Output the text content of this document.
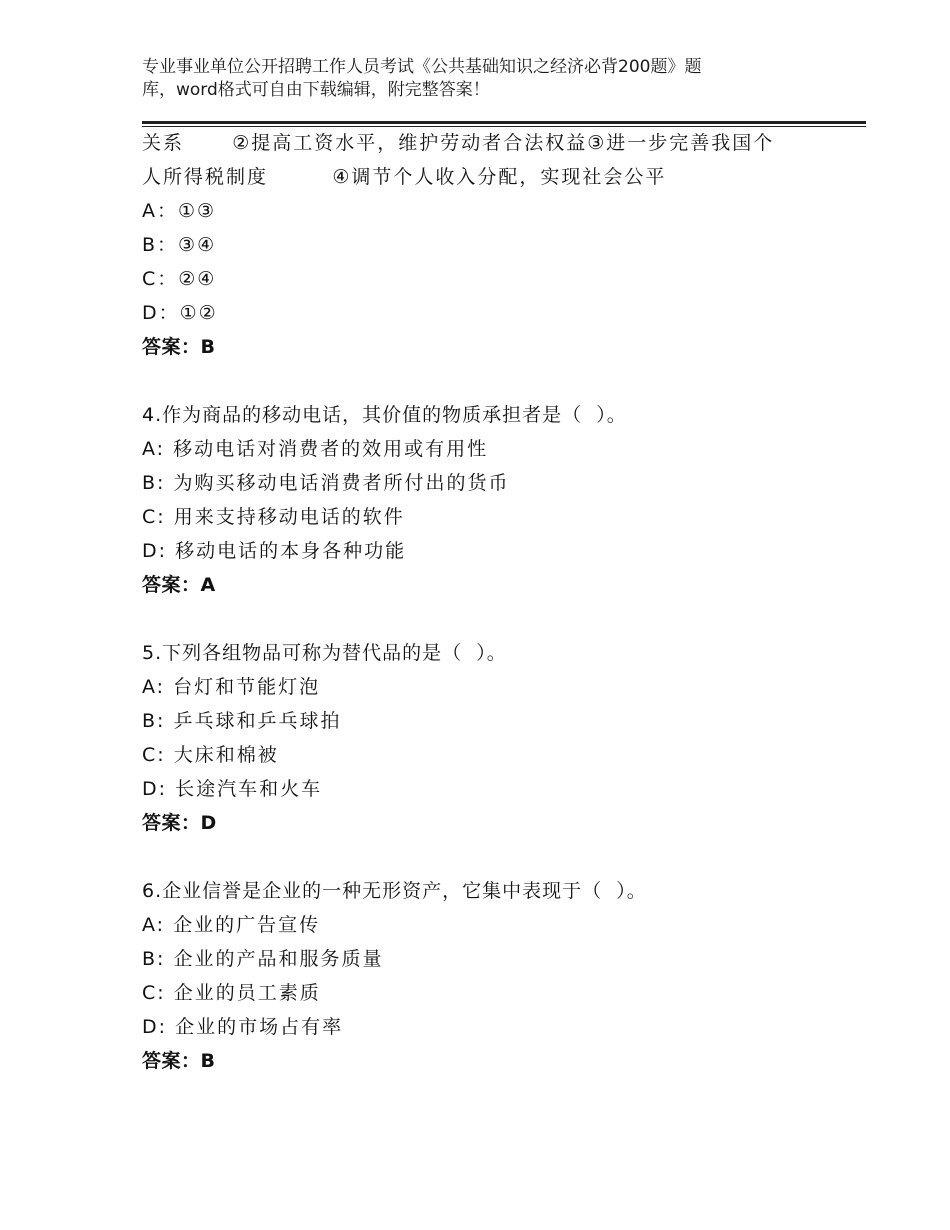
专业事业单位公开招聘工作人员考试《公共基础知识之经济必背200题》题
库，word格式可自由下载编辑，附完整答案！
关系      ②提高工资水平，维护劳动者合法权益③进一步完善我国个
人所得税制度        ④调节个人收入分配，实现社会公平
A：①③
B：③④
C：②④
D：①②
答案：B
4.作为商品的移动电话，其价值的物质承担者是（  ）。
A: 移动电话对消费者的效用或有用性
B: 为购买移动电话消费者所付出的货币
C: 用来支持移动电话的软件
D: 移动电话的本身各种功能
答案：A
5.下列各组物品可称为替代品的是（  ）。
A: 台灯和节能灯泡
B: 乒乓球和乒乓球拍
C: 大床和棉被
D: 长途汽车和火车
答案：D
6.企业信誉是企业的一种无形资产，它集中表现于（  ）。
A: 企业的广告宣传
B: 企业的产品和服务质量
C: 企业的员工素质
D: 企业的市场占有率
答案：B
